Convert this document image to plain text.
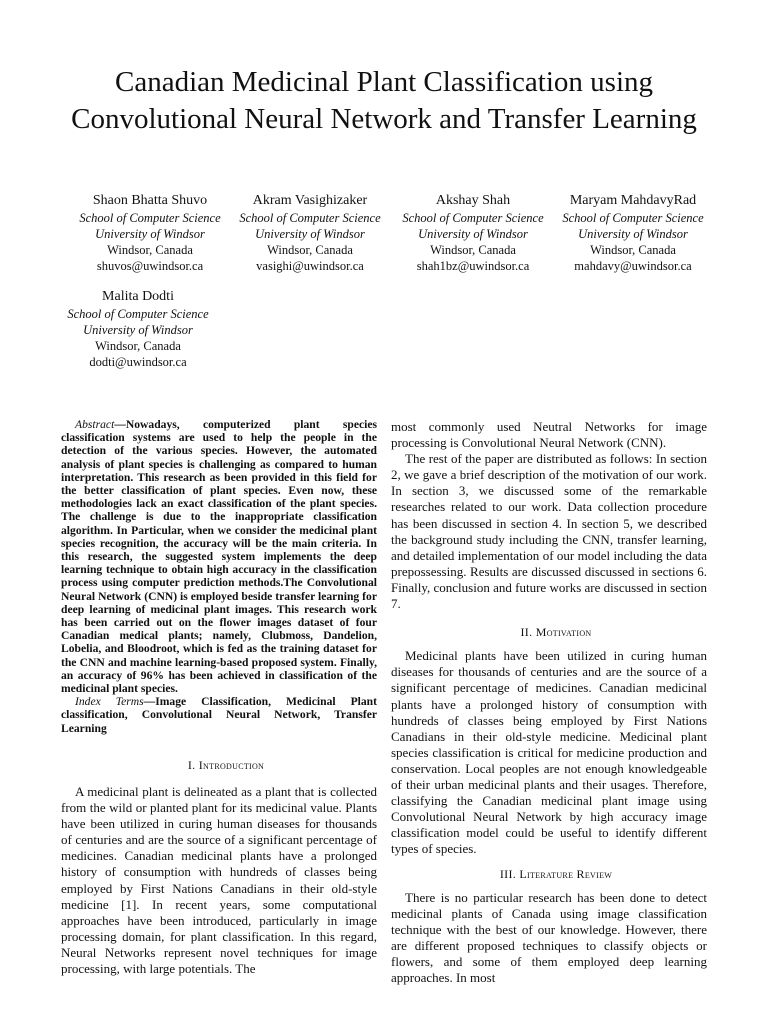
Canadian Medicinal Plant Classification using Convolutional Neural Network and Transfer Learning
Shaon Bhatta Shuvo
School of Computer Science
University of Windsor
Windsor, Canada
shuvos@uwindsor.ca
Akram Vasighizaker
School of Computer Science
University of Windsor
Windsor, Canada
vasighi@uwindsor.ca
Akshay Shah
School of Computer Science
University of Windsor
Windsor, Canada
shah1bz@uwindsor.ca
Maryam MahdavyRad
School of Computer Science
University of Windsor
Windsor, Canada
mahdavy@uwindsor.ca
Malita Dodti
School of Computer Science
University of Windsor
Windsor, Canada
dodti@uwindsor.ca

Abstract—Nowadays, computerized plant species classification systems are used to help the people in the detection of the various species. However, the automated analysis of plant species is challenging as compared to human interpretation. This research as been provided in this field for the better classification of plant species. Even now, these methodologies lack an exact classification of the plant species. The challenge is due to the inappropriate classification algorithm. In Particular, when we consider the medicinal plant species recognition, the accuracy will be the main criteria. In this research, the suggested system implements the deep learning technique to obtain high accuracy in the classification process using computer prediction methods.The Convolutional Neural Network (CNN) is employed beside transfer learning for deep learning of medicinal plant images. This research work has been carried out on the flower images dataset of four Canadian medical plants; namely, Clubmoss, Dandelion, Lobelia, and Bloodroot, which is fed as the training dataset for the CNN and machine learning-based proposed system. Finally, an accuracy of 96% has been achieved in classification of the medicinal plant species.

Index Terms—Image Classification, Medicinal Plant classification, Convolutional Neural Network, Transfer Learning

I. Introduction

A medicinal plant is delineated as a plant that is collected from the wild or planted plant for its medicinal value. Plants have been utilized in curing human diseases for thousands of centuries and are the source of a significant percentage of medicines. Canadian medicinal plants have a prolonged history of consumption with hundreds of classes being employed by First Nations Canadians in their old-style medicine [1]. In recent years, some computational approaches have been introduced, particularly in image processing domain, for plant classification. In this regard, Neural Networks represent novel techniques for image processing, with large potentials. The

most commonly used Neutral Networks for image processing is Convolutional Neural Network (CNN).

The rest of the paper are distributed as follows: In section 2, we gave a brief description of the motivation of our work. In section 3, we discussed some of the remarkable researches related to our work. Data collection procedure has been discussed in section 4. In section 5, we described the background study including the CNN, transfer learning, and detailed implementation of our model including the data prepossessing. Results are discussed discussed in sections 6. Finally, conclusion and future works are discussed in section 7.

II. Motivation

Medicinal plants have been utilized in curing human diseases for thousands of centuries and are the source of a significant percentage of medicines. Canadian medicinal plants have a prolonged history of consumption with hundreds of classes being employed by First Nations Canadians in their old-style medicine. Medicinal plant species classification is critical for medicine production and conservation. Local peoples are not enough knowledgeable of their urban medicinal plants and their usages. Therefore, classifying the Canadian medicinal plant image using Convolutional Neural Network by high accuracy image classification model could be useful to identify different types of species.

III. Literature Review

There is no particular research has been done to detect medicinal plants of Canada using image classification technique with the best of our knowledge. However, there are different proposed techniques to classify objects or flowers, and some of them employed deep learning approaches. In most
